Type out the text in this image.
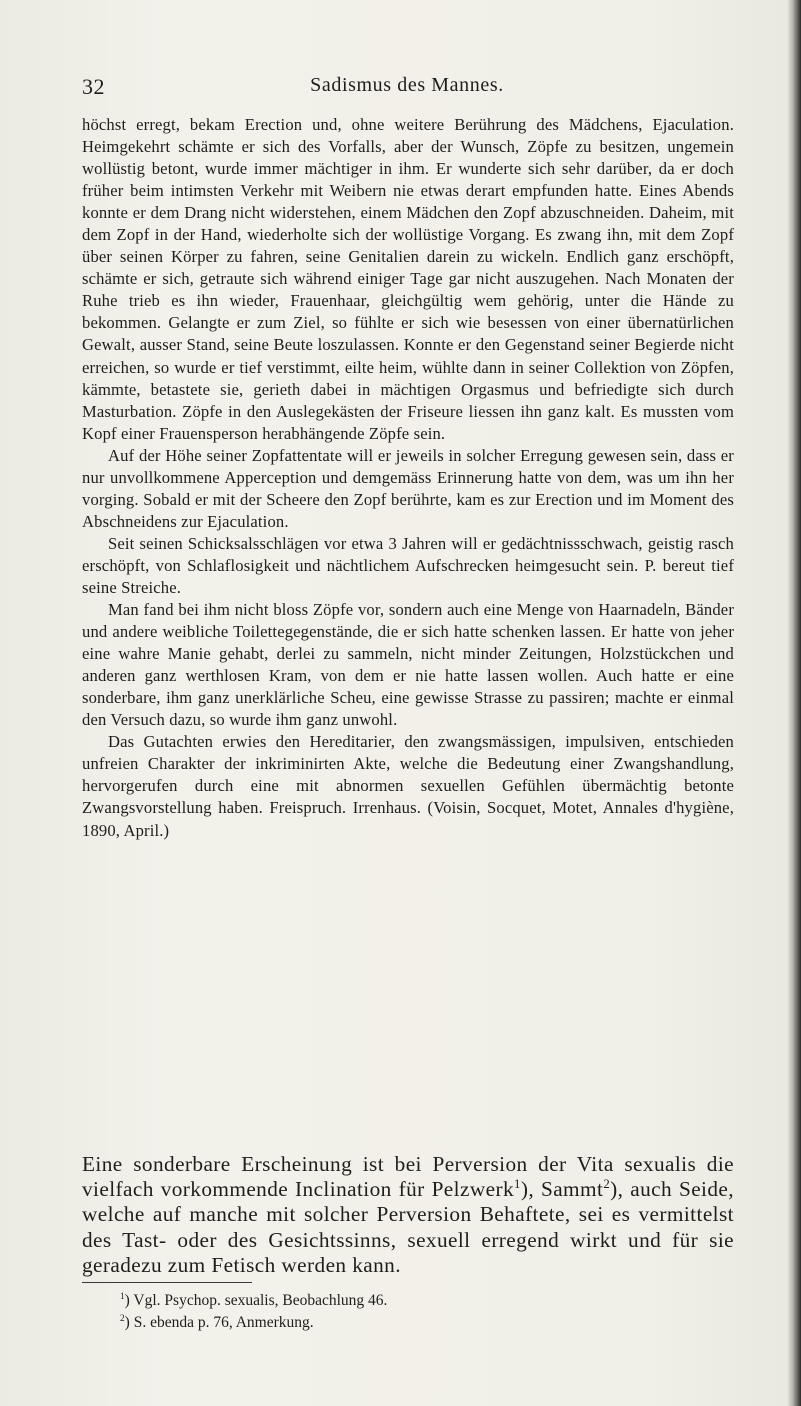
32	Sadismus des Mannes.

höchst erregt, bekam Erection und, ohne weitere Berührung des Mädchens, Ejaculation. Heimgekehrt schämte er sich des Vorfalls, aber der Wunsch, Zöpfe zu besitzen, ungemein wollüstig betont, wurde immer mächtiger in ihm. Er wunderte sich sehr darüber, da er doch früher beim intimsten Verkehr mit Weibern nie etwas derart empfunden hatte. Eines Abends konnte er dem Drang nicht widerstehen, einem Mädchen den Zopf abzuschneiden. Daheim, mit dem Zopf in der Hand, wiederholte sich der wollüstige Vorgang. Es zwang ihn, mit dem Zopf über seinen Körper zu fahren, seine Genitalien darein zu wickeln. Endlich ganz erschöpft, schämte er sich, getraute sich während einiger Tage gar nicht auszugehen. Nach Monaten der Ruhe trieb es ihn wieder, Frauenhaar, gleichgültig wem gehörig, unter die Hände zu bekommen. Gelangte er zum Ziel, so fühlte er sich wie besessen von einer übernatürlichen Gewalt, ausser Stand, seine Beute loszulassen. Konnte er den Gegenstand seiner Begierde nicht erreichen, so wurde er tief verstimmt, eilte heim, wühlte dann in seiner Collektion von Zöpfen, kämmte, betastete sie, gerieth dabei in mächtigen Orgasmus und befriedigte sich durch Masturbation. Zöpfe in den Auslegekästen der Friseure liessen ihn ganz kalt. Es mussten vom Kopf einer Frauensperson herabhängende Zöpfe sein.

Auf der Höhe seiner Zopfattentate will er jeweils in solcher Erregung gewesen sein, dass er nur unvollkommene Apperception und demgemäss Erinnerung hatte von dem, was um ihn her vorging. Sobald er mit der Scheere den Zopf berührte, kam es zur Erection und im Moment des Abschneidens zur Ejaculation.

Seit seinen Schicksalsschlägen vor etwa 3 Jahren will er gedächtnissschwach, geistig rasch erschöpft, von Schlaflosigkeit und nächtlichem Aufschrecken heimgesucht sein. P. bereut tief seine Streiche.

Man fand bei ihm nicht bloss Zöpfe vor, sondern auch eine Menge von Haarnadeln, Bänder und andere weibliche Toilettegegenstände, die er sich hatte schenken lassen. Er hatte von jeher eine wahre Manie gehabt, derlei zu sammeln, nicht minder Zeitungen, Holzstückchen und anderen ganz werthlosen Kram, von dem er nie hatte lassen wollen. Auch hatte er eine sonderbare, ihm ganz unerklärliche Scheu, eine gewisse Strasse zu passiren; machte er einmal den Versuch dazu, so wurde ihm ganz unwohl.

Das Gutachten erwies den Hereditarier, den zwangsmässigen, impulsiven, entschieden unfreien Charakter der inkriminirten Akte, welche die Bedeutung einer Zwangshandlung, hervorgerufen durch eine mit abnormen sexuellen Gefühlen übermächtig betonte Zwangsvorstellung haben. Freispruch. Irrenhaus. (Voisin, Socquet, Motet, Annales d'hygiène, 1890, April.)

Eine sonderbare Erscheinung ist bei Perversion der Vita sexualis die vielfach vorkommende Inclination für Pelzwerk$^1$), Sammt$^2$), auch Seide, welche auf manche mit solcher Perversion Behaftete, sei es vermittelst des Tast- oder des Gesichtssinns, sexuell erregend wirkt und für sie geradezu zum Fetisch werden kann.

$^1$) Vgl. Psychop. sexualis, Beobachlung 46.
$^2$) S. ebenda p. 76, Anmerkung.
